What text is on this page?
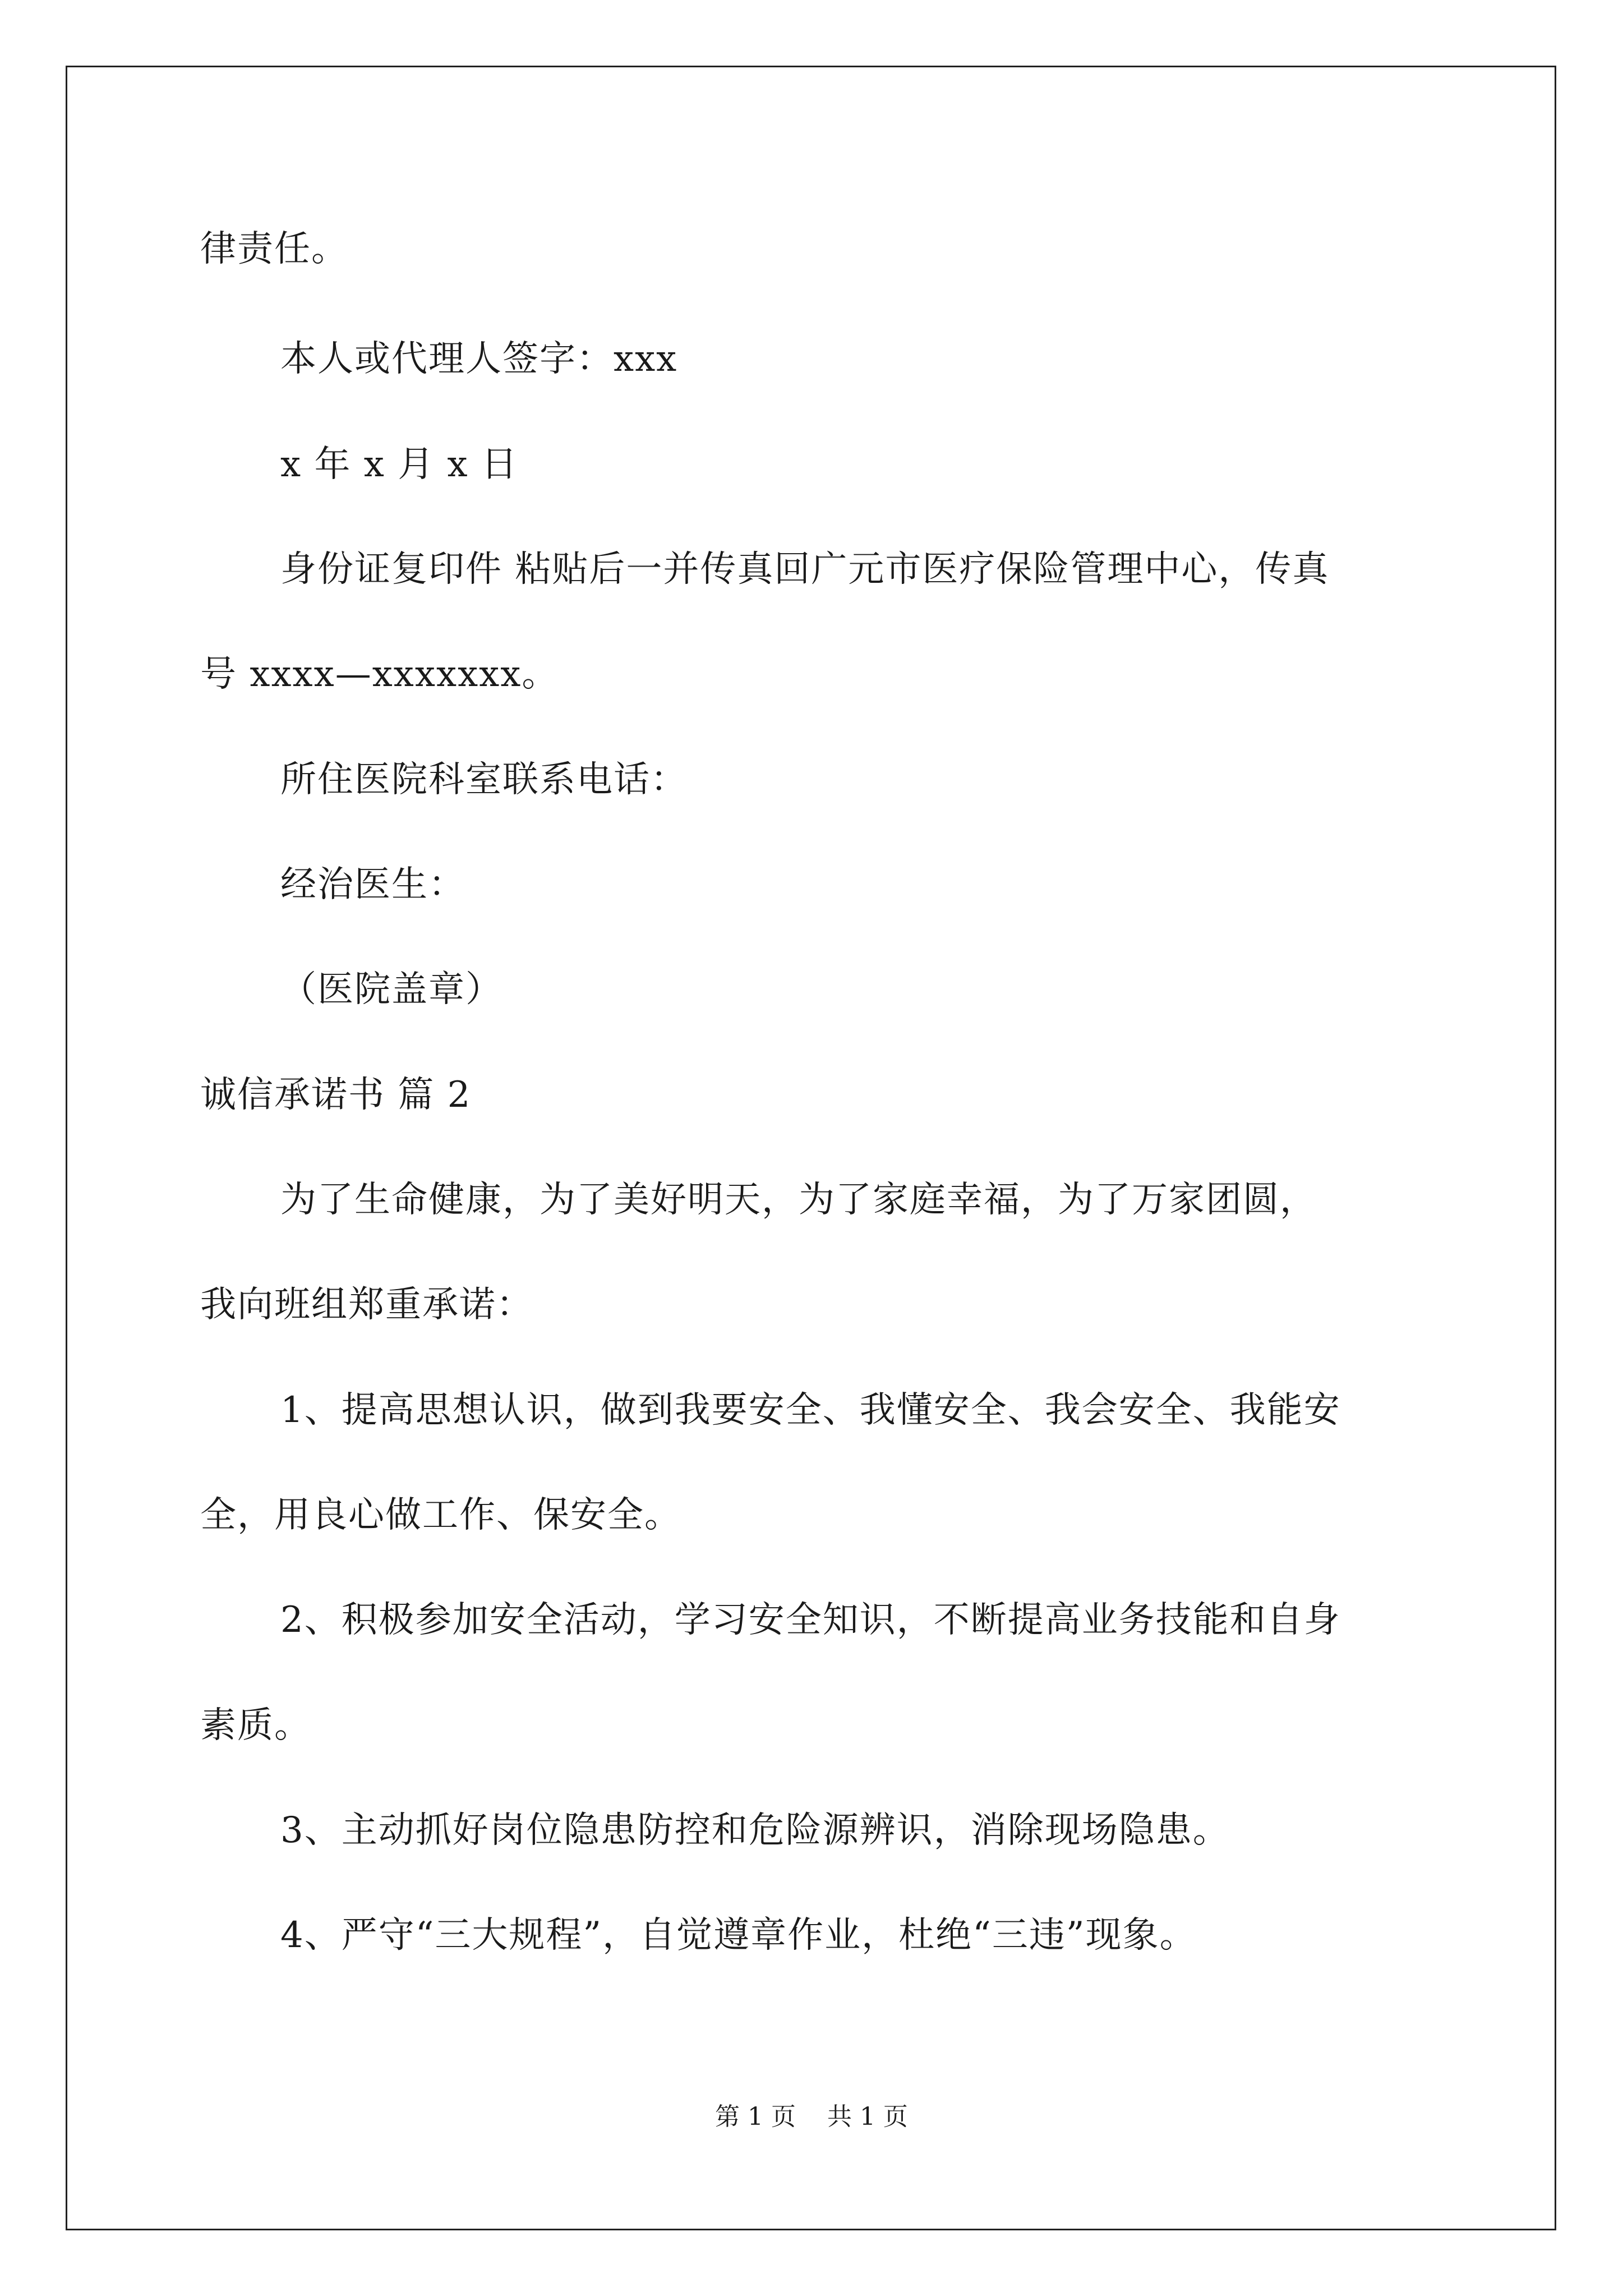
律责任。
本人或代理人签字：xxx
x 年 x 月 x 日
身份证复印件 粘贴后一并传真回广元市医疗保险管理中心，传真
号 xxxx—xxxxxxx。
所住医院科室联系电话：
经治医生：
（医院盖章）
诚信承诺书 篇 2
为了生命健康，为了美好明天，为了家庭幸福，为了万家团圆，
我向班组郑重承诺：
1、提高思想认识，做到我要安全、我懂安全、我会安全、我能安
全，用良心做工作、保安全。
2、积极参加安全活动，学习安全知识，不断提高业务技能和自身
素质。
3、主动抓好岗位隐患防控和危险源辨识，消除现场隐患。
4、严守“三大规程”，自觉遵章作业，杜绝“三违”现象。
第 1 页    共 1 页
